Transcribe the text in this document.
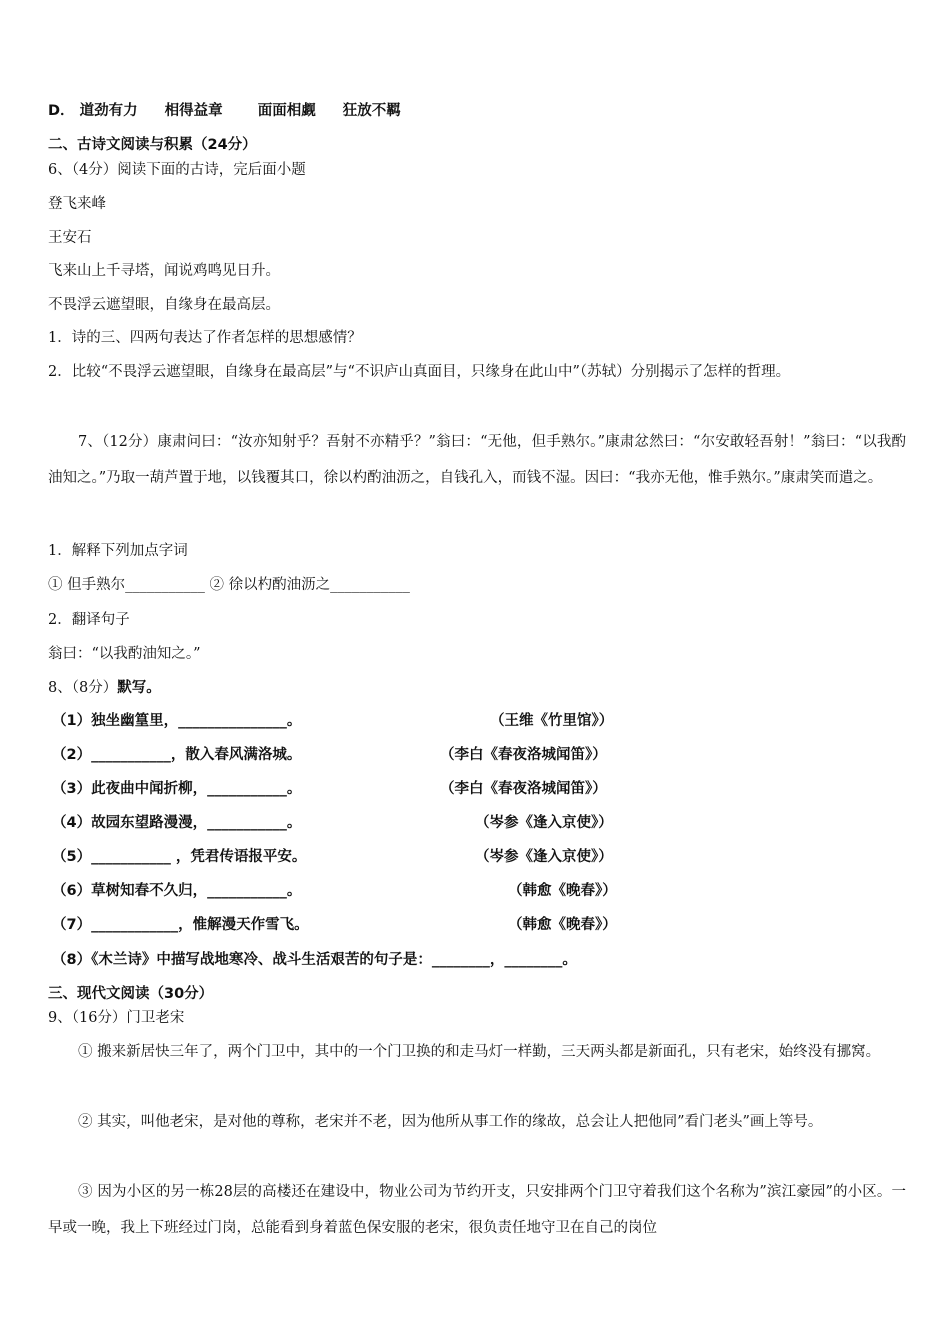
D． 道劲有力 相得益章 面面相觑 狂放不羁
二、古诗文阅读与积累（24分）
6、（4分）阅读下面的古诗，完后面小题
登飞来峰
王安石
飞来山上千寻塔，闻说鸡鸣见日升。
不畏浮云遮望眼，自缘身在最高层。
1．诗的三、四两句表达了作者怎样的思想感情？
2．比较“不畏浮云遮望眼，自缘身在最高层”与“不识庐山真面目，只缘身在此山中”（苏轼）分别揭示了怎样的哲理。
7、（12分）康肃问曰：“汝亦知射乎？吾射不亦精乎？”翁曰：“无他，但手熟尔。”康肃忿然曰：“尔安敢轻吾射！”翁曰：“以我酌油知之。”乃取一葫芦置于地，以钱覆其口，徐以杓酌油沥之，自钱孔入，而钱不湿。因曰：“我亦无他，惟手熟尔。”康肃笑而遣之。
1．解释下列加点字词
① 但手熟尔___________ ② 徐以杓酌油沥之___________
2．翻译句子
翁曰：“以我酌油知之。”
8、（8分）默写。
（1）独坐幽篁里，_______________。	（王维《竹里馆》）
（2）___________，散入春风满洛城。	（李白《春夜洛城闻笛》）
（3）此夜曲中闻折柳，___________。	（李白《春夜洛城闻笛》）
（4）故园东望路漫漫，___________。	（岑参《逢入京使》）
（5）___________ ，凭君传语报平安。	（岑参《逢入京使》）
（6）草树知春不久归，___________。	（韩愈《晚春》）
（7）____________，惟解漫天作雪飞。	（韩愈《晚春》）
（8）《木兰诗》中描写战地寒冷、战斗生活艰苦的句子是：________，________。
三、现代文阅读（30分）
9、（16分）门卫老宋
① 搬来新居快三年了，两个门卫中，其中的一个门卫换的和走马灯一样勤，三天两头都是新面孔，只有老宋，始终没有挪窝。
② 其实，叫他老宋，是对他的尊称，老宋并不老，因为他所从事工作的缘故，总会让人把他同”看门老头”画上等号。
③ 因为小区的另一栋28层的高楼还在建设中，物业公司为节约开支，只安排两个门卫守着我们这个名称为”滨江豪园”的小区。一早或一晚，我上下班经过门岗，总能看到身着蓝色保安服的老宋，很负责任地守卫在自己的岗位
